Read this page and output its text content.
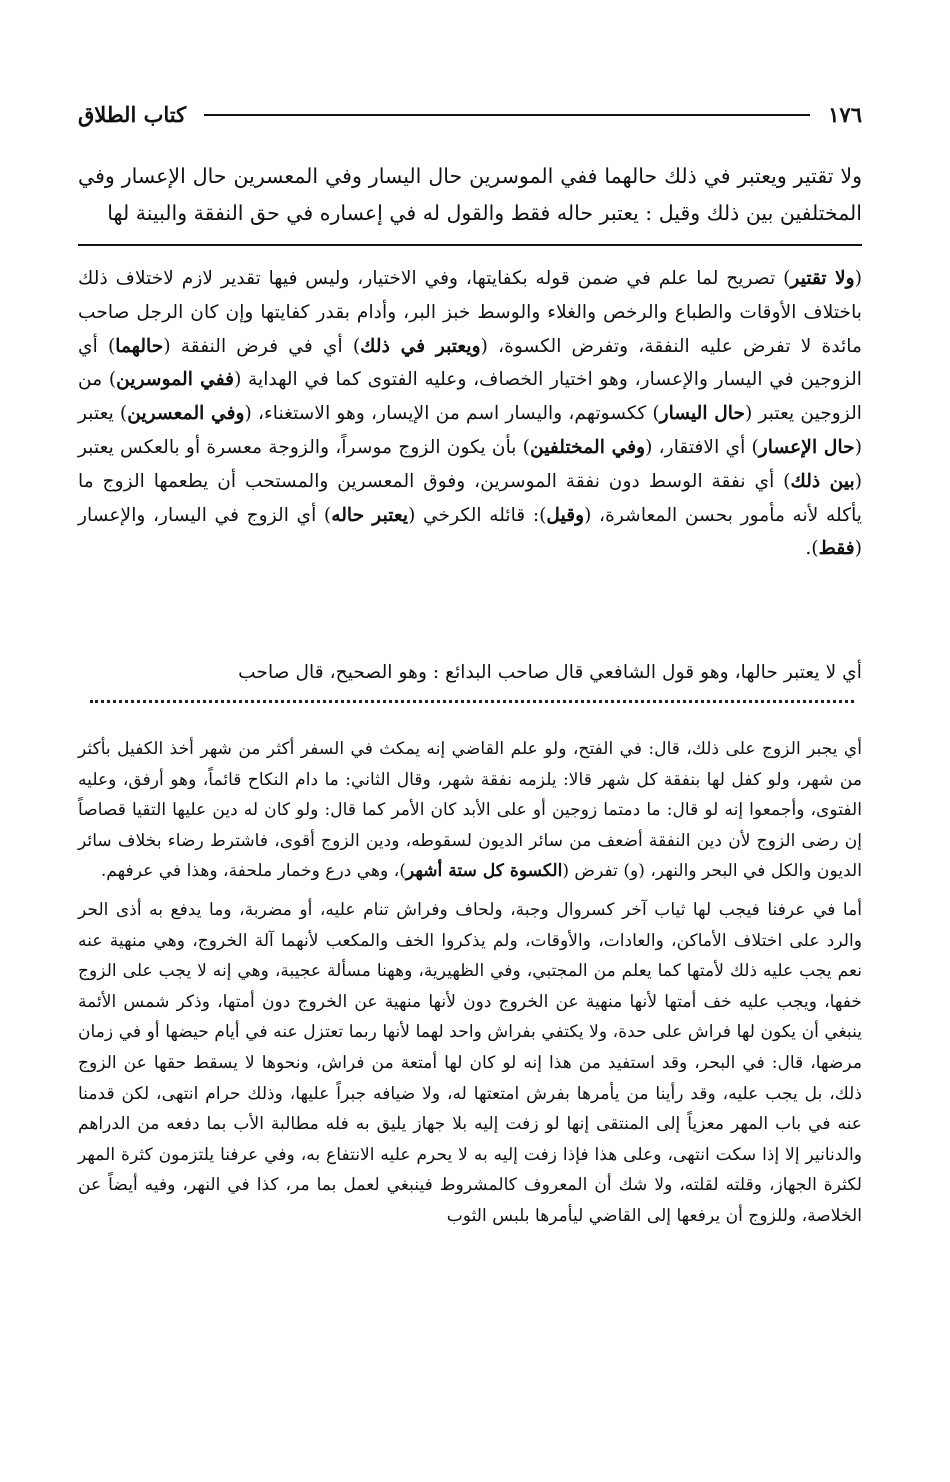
١٧٦
كتاب الطلاق
ولا تقتير ويعتبر في ذلك حالهما ففي الموسرين حال اليسار وفي المعسرين حال الإعسار وفي المختلفين بين ذلك وقيل : يعتبر حاله فقط والقول له في إعساره في حق النفقة والبينة لها

(ولا تقتير) تصريح لما علم في ضمن قوله بكفايتها، وفي الاختيار، وليس فيها تقدير لازم لاختلاف ذلك باختلاف الأوقات والطباع والرخص والغلاء والوسط خبز البر، وأدام بقدر كفايتها وإن كان الرجل صاحب مائدة لا تفرض عليه النفقة، وتفرض الكسوة، (ويعتبر في ذلك) أي في فرض النفقة (حالهما) أي الزوجين في اليسار والإعسار، وهو اختيار الخصاف، وعليه الفتوى كما في الهداية (ففي الموسرين) من الزوجين يعتبر (حال اليسار) ككسوتهم، واليسار اسم من الإيسار، وهو الاستغناء، (وفي المعسرين) يعتبر (حال الإعسار) أي الافتقار، (وفي المختلفين) بأن يكون الزوج موسراً، والزوجة معسرة أو بالعكس يعتبر (بين ذلك) أي نفقة الوسط دون نفقة الموسرين، وفوق المعسرين والمستحب أن يطعمها الزوج ما يأكله لأنه مأمور بحسن المعاشرة، (وقيل): قائله الكرخي (يعتبر حاله) أي الزوج في اليسار، والإعسار (فقط).

أي لا يعتبر حالها، وهو قول الشافعي قال صاحب البدائع : وهو الصحيح، قال صاحب

أي يجبر الزوج على ذلك، قال: في الفتح، ولو علم القاضي إنه يمكث في السفر أكثر من شهر أخذ الكفيل بأكثر من شهر، ولو كفل لها بنفقة كل شهر قالا: يلزمه نفقة شهر، وقال الثاني: ما دام النكاح قائماً، وهو أرفق، وعليه الفتوى، وأجمعوا إنه لو قال: ما دمتما زوجين أو على الأبد كان الأمر كما قال: ولو كان له دين عليها التقيا قصاصاً إن رضى الزوج لأن دين النفقة أضعف من سائر الديون لسقوطه، ودين الزوج أقوى، فاشترط رضاء بخلاف سائر الديون والكل في البحر والنهر، (و) تفرض (الكسوة كل ستة أشهر)، وهي درع وخمار ملحفة، وهذا في عرفهم.

أما في عرفنا فيجب لها ثياب آخر كسروال وجبة، ولحاف وفراش تنام عليه، أو مضربة، وما يدفع به أذى الحر والرد على اختلاف الأماكن، والعادات، والأوقات، ولم يذكروا الخف والمكعب لأنهما آلة الخروج، وهي منهية عنه نعم يجب عليه ذلك لأمتها كما يعلم من المجتبي، وفي الظهيرية، وههنا مسألة عجيبة، وهي إنه لا يجب على الزوج خفها، ويجب عليه خف أمتها لأنها منهية عن الخروج دون لأنها منهية عن الخروج دون أمتها، وذكر شمس الأئمة ينبغي أن يكون لها فراش على حدة، ولا يكتفي بفراش واحد لهما لأنها ربما تعتزل عنه في أيام حيضها أو في زمان مرضها، قال: في البحر، وقد استفيد من هذا إنه لو كان لها أمتعة من فراش، ونحوها لا يسقط حقها عن الزوج ذلك، بل يجب عليه، وقد رأينا من يأمرها بفرش امتعتها له، ولا ضيافه جبراً عليها، وذلك حرام انتهى، لكن قدمنا عنه في باب المهر معزياً إلى المنتقى إنها لو زفت إليه بلا جهاز يليق به فله مطالبة الأب بما دفعه من الدراهم والدنانير إلا إذا سكت انتهى، وعلى هذا فإذا زفت إليه به لا يحرم عليه الانتفاع به، وفي عرفنا يلتزمون كثرة المهر لكثرة الجهاز، وقلته لقلته، ولا شك أن المعروف كالمشروط فينبغي لعمل بما مر، كذا في النهر، وفيه أيضاً عن الخلاصة، وللزوج أن يرفعها إلى القاضي ليأمرها بلبس الثوب
